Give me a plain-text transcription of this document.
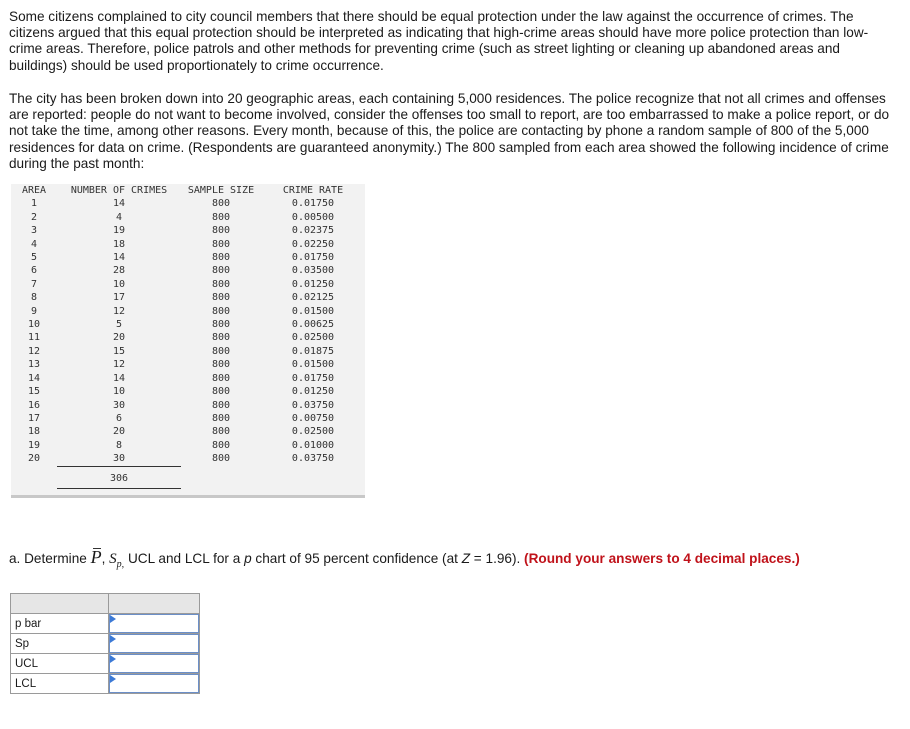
Some citizens complained to city council members that there should be equal protection under the law against the occurrence of crimes. The citizens argued that this equal protection should be interpreted as indicating that high-crime areas should have more police protection than low-crime areas. Therefore, police patrols and other methods for preventing crime (such as street lighting or cleaning up abandoned areas and buildings) should be used proportionately to crime occurrence.

The city has been broken down into 20 geographic areas, each containing 5,000 residences. The police recognize that not all crimes and offenses are reported: people do not want to become involved, consider the offenses too small to report, are too embarrassed to make a police report, or do not take the time, among other reasons. Every month, because of this, the police are contacting by phone a random sample of 800 of the 5,000 residences for data on crime. (Respondents are guaranteed anonymity.) The 800 sampled from each area showed the following incidence of crime during the past month:

AREA	NUMBER OF CRIMES	SAMPLE SIZE	CRIME RATE
1	14	800	0.01750
2	4	800	0.00500
3	19	800	0.02375
4	18	800	0.02250
5	14	800	0.01750
6	28	800	0.03500
7	10	800	0.01250
8	17	800	0.02125
9	12	800	0.01500
10	5	800	0.00625
11	20	800	0.02500
12	15	800	0.01875
13	12	800	0.01500
14	14	800	0.01750
15	10	800	0.01250
16	30	800	0.03750
17	6	800	0.00750
18	20	800	0.02500
19	8	800	0.01000
20	30	800	0.03750
	306		

a. Determine P, $S_{p,}$ UCL and LCL for a p chart of 95 percent confidence (at Z = 1.96). (Round your answers to 4 decimal places.)

p bar	
Sp	
UCL	
LCL	
